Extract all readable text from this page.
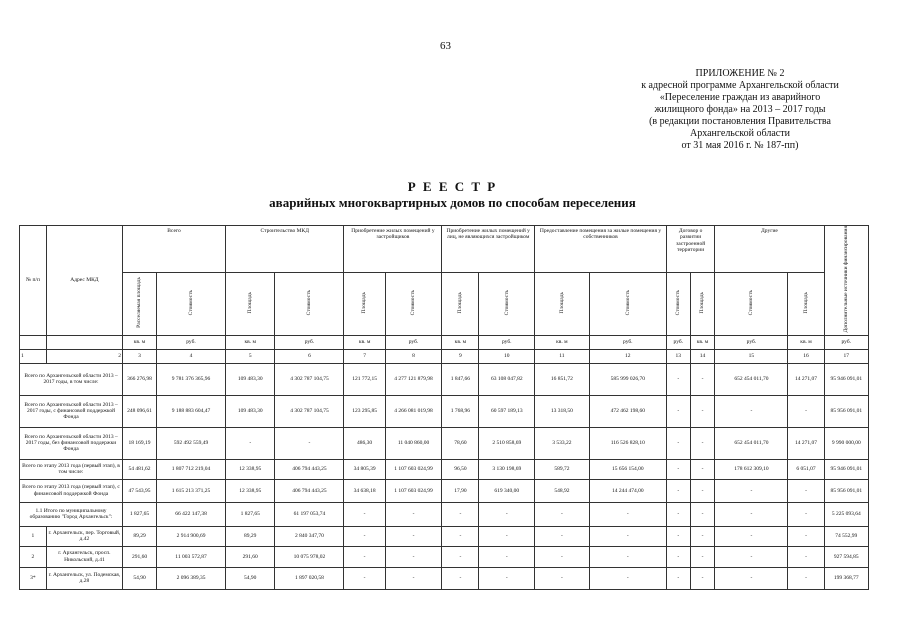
63
ПРИЛОЖЕНИЕ № 2
к адресной программе Архангельской области
«Переселение граждан из аварийного
жилищного фонда» на 2013 – 2017 годы
(в редакции постановления Правительства
Архангельской области
от 31 мая 2016 г. № 187-пп)
Р Е Е С Т Р
аварийных многоквартирных домов по способам переселения
№ п/п	Адрес МКД	Всего		Строительство МКД		Приобретение жилых помещений у застройщиков		Приобретение жилых помещений у лиц, не являющихся застройщиком		Предоставление помещения за жилые помещения у собственников		Договор о развитии застроенной территории		Другие		Дополнительные источники финансирования
		Расселяемая площадь	Стоимость	Площадь	Стоимость	Площадь	Стоимость	Площадь	Стоимость	Площадь	Стоимость	Стоимость	Площадь	Стоимость	Площадь	
		кв. м	руб.	кв. м	руб.	кв. м	руб.	кв. м	руб.	кв. м	руб.	руб.	кв. м	руб.	кв. м	руб.
1	2	3	4	5	6	7	8	9	10	11	12	13	14	15	16	17
Всего по Архангельской области 2013 – 2017 годы, в том числе:		366 276,98	9 781 376 365,96	109 483,30	4 302 787 104,75	121 772,15	4 277 121 879,98	1 847,66	63 108 047,82	16 851,72	585 999 026,70	-	-	652 454 011,70	14 271,07	95 946 091,01
Всего по Архангельской области 2013 – 2017 годы, с финансовой поддержкой Фонда		248 096,61	9 188 883 604,47	109 483,30	4 302 787 104,75	123 295,85	4 266 081 019,98	1 768,96	60 597 189,13	13 318,50	472 462 198,60	-	-	-	-	85 956 091,01
Всего по Архангельской области 2013 – 2017 годы, без финансовой поддержки Фонда		18 169,19	592 492 559,49	-	-	486,30	11 040 860,00	78,60	2 510 858,69	3 533,22	116 526 828,10	-	-	652 454 011,70	14 271,07	9 990 000,00
Всего по этапу 2013 года (первый этап), в том числе:		54 481,62	1 807 712 219,04	12 338,95	406 794 443,25	34 805,39	1 107 603 024,99	96,50	3 130 198,69	589,72	15 656 154,00	-	-	178 612 309,10	6 051,07	95 946 091,01
Всего по этапу 2013 года (первый этап), с финансовой поддержкой Фонда		47 543,95	1 615 213 371,25	12 338,95	406 794 443,25	34 638,18	1 107 603 024,99	17,90	619 340,00	548,92	14 244 474,00	-	-	-	-	85 956 091,01
1.1 Итого по муниципальному образованию "Город Архангельск":		1 827,65	66 422 147,38	1 827,65	61 197 053,74	-	-	-	-	-	-	-	-	-	-	5 225 093,64
1	г. Архангельск, пер. Торговый, д.42	89,29	2 914 900,69	89,29	2 840 347,70	-	-	-	-	-	-	-	-	-	-	74 552,99
2	г. Архангельск, просп. Никольский, д.41	291,60	11 003 572,87	291,60	10 075 978,02	-	-	-	-	-	-	-	-	-	-	927 594,85
3*	г. Архангельск, ул. Подемская, д.28	54,90	2 096 389,35	54,90	1 897 020,58	-	-	-	-	-	-	-	-	-	-	199 368,77
